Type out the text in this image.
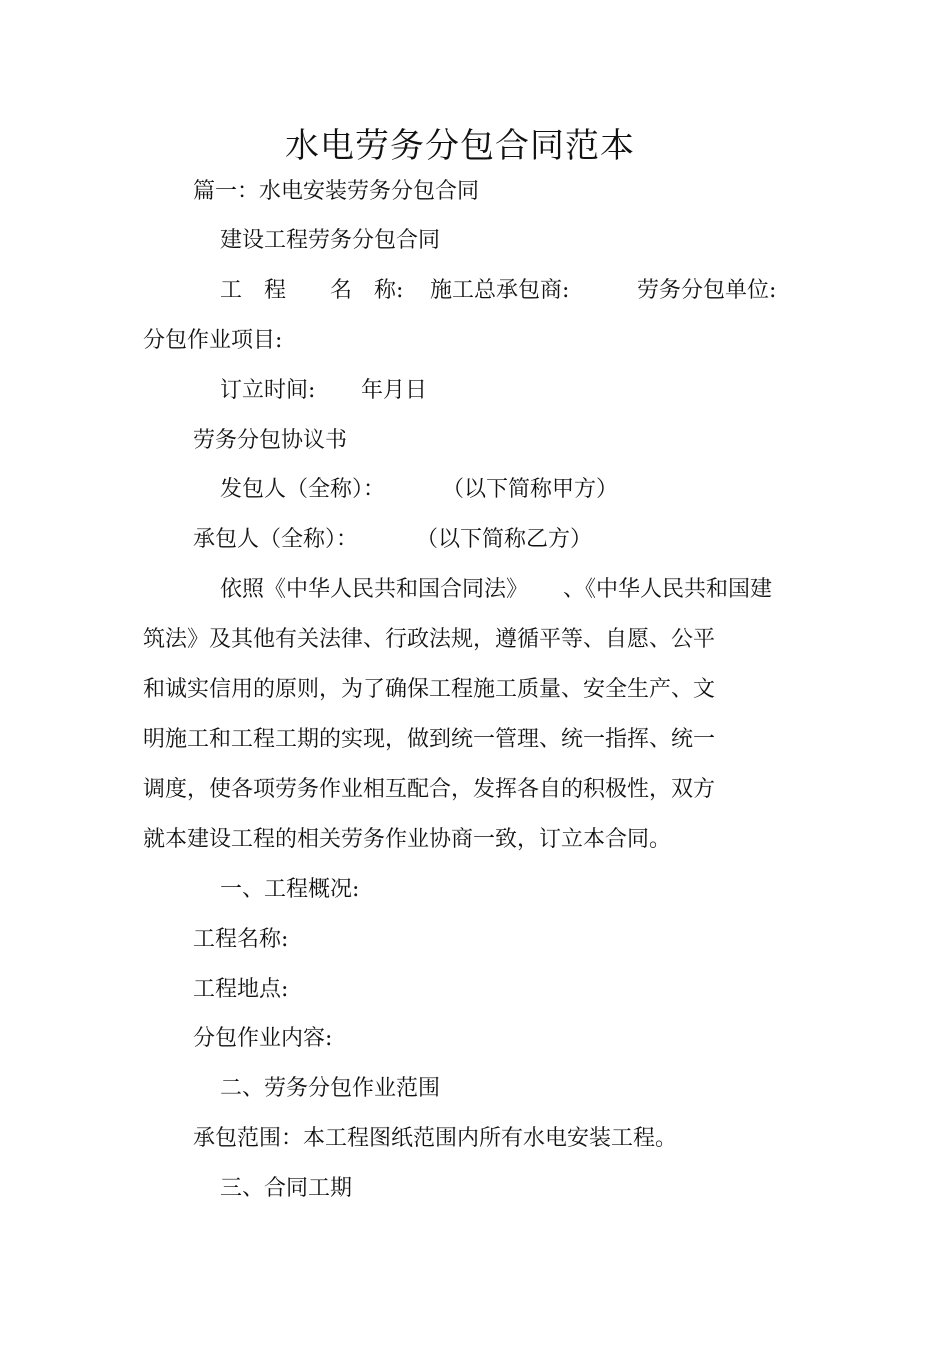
水电劳务分包合同范本
篇一：水电安装劳务分包合同
建设工程劳务分包合同
工　程　　名　称: 施工总承包商:	劳务分包单位:
分包作业项目:
订立时间: 年月日
劳务分包协议书
发包人（全称）：	（以下简称甲方）
承包人（全称）：	（以下简称乙方）
依照《中华人民共和国合同法》 、《中华人民共和国建
筑法》及其他有关法律、行政法规，遵循平等、自愿、公平
和诚实信用的原则，为了确保工程施工质量、安全生产、文
明施工和工程工期的实现，做到统一管理、统一指挥、统一
调度，使各项劳务作业相互配合，发挥各自的积极性，双方
就本建设工程的相关劳务作业协商一致，订立本合同。
一、工程概况:
工程名称:
工程地点:
分包作业内容:
二、劳务分包作业范围
承包范围：本工程图纸范围内所有水电安装工程。
三、合同工期
